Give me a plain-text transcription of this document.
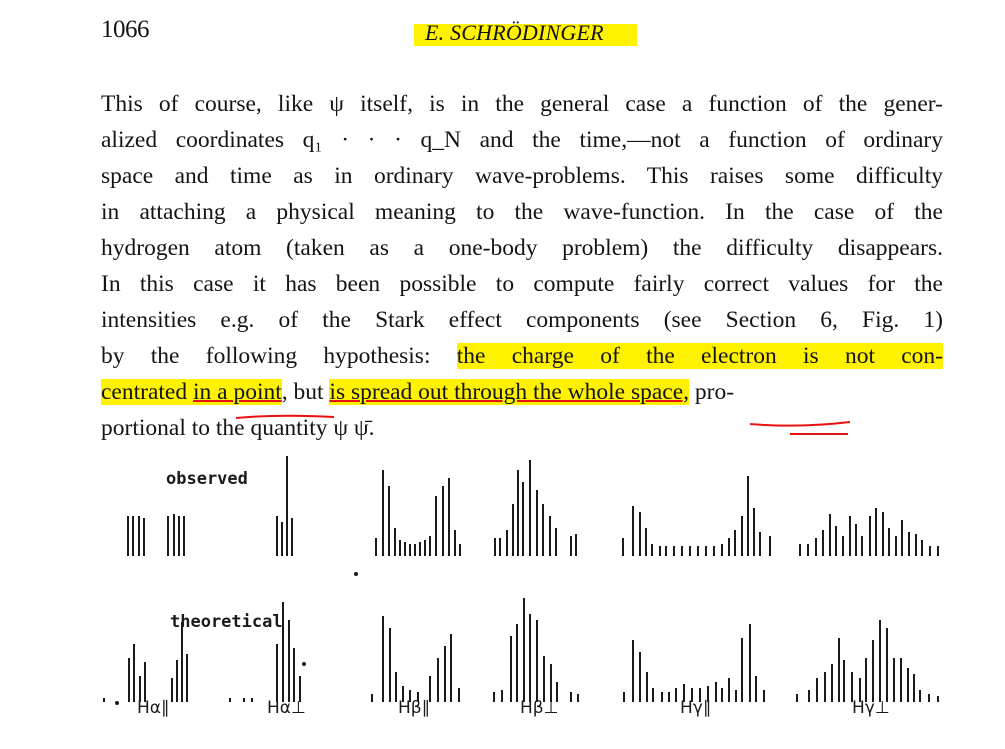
1066	E. SCHRÖDINGER
This of course, like ψ itself, is in the general case a function of the gener-
alized coordinates q₁ · · · q_N and the time,—not a function of ordinary
space and time as in ordinary wave-problems. This raises some difficulty
in attaching a physical meaning to the wave-function. In the case of the
hydrogen atom (taken as a one-body problem) the difficulty disappears.
In this case it has been possible to compute fairly correct values for the
intensities e.g. of the Stark effect components (see Section 6, Fig. 1)
by the following hypothesis: the charge of the electron is not con-
centrated in a point, but is spread out through the whole space, pro-
portional to the quantity ψ ψ̄.
observed
theoretical
Hα∥	Hα⊥	Hβ∥	Hβ⊥	Hγ∥	Hγ⊥
